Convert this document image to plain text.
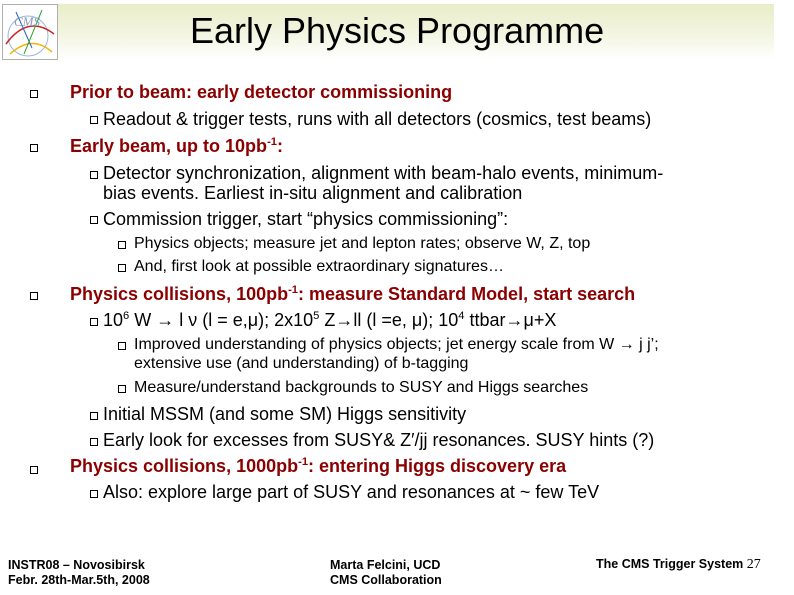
CMS	Early Physics Programme
Prior to beam: early detector commissioning
Readout & trigger tests, runs with all detectors (cosmics, test beams)
Early beam, up to $10pb^{-1}$:
Detector synchronization, alignment with beam-halo events, minimum-
bias events. Earliest in-situ alignment and calibration
Commission trigger, start “physics commissioning”:
Physics objects; measure jet and lepton rates; observe W, Z, top
And, first look at possible extraordinary signatures…
Physics collisions, $100pb^{-1}$: measure Standard Model, start search
$10^6$ W → l ν (l = e,μ); $2x10^5$ Z→ll (l =e, μ); $10^4$ ttbar→μ+X
Improved understanding of physics objects; jet energy scale from W → j j’;
extensive use (and understanding) of b-tagging
Measure/understand backgrounds to SUSY and Higgs searches
Initial MSSM (and some SM) Higgs sensitivity
Early look for excesses from SUSY& Z′/jj resonances. SUSY hints (?)
Physics collisions, $1000pb^{-1}$: entering Higgs discovery era
Also: explore large part of SUSY and resonances at ~ few TeV
INSTR08 – Novosibirsk
Febr. 28th-Mar.5th, 2008
Marta Felcini, UCD
CMS Collaboration
The CMS Trigger System 27
